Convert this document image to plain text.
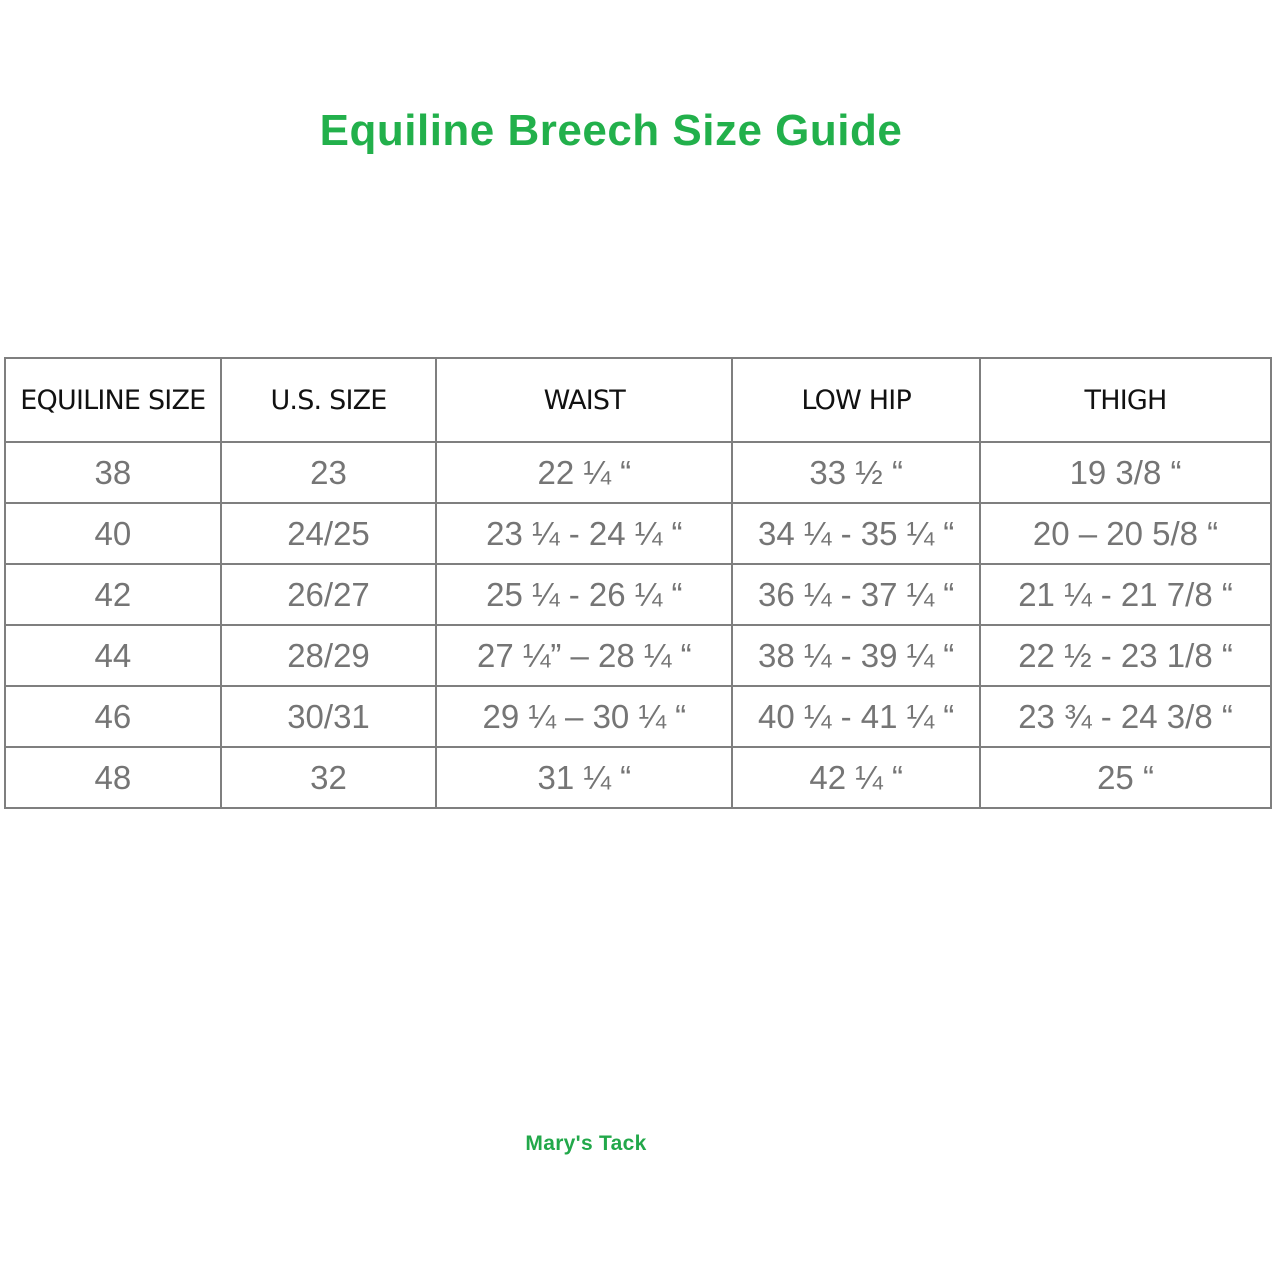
Equiline Breech Size Guide
EQUILINE SIZE	U.S. SIZE	WAIST	LOW HIP	THIGH
38	23	22 ¼ “	33 ½ “	19 3/8 “
40	24/25	23 ¼ - 24 ¼ “	34 ¼ - 35 ¼ “	20 – 20 5/8 “
42	26/27	25 ¼ - 26 ¼ “	36 ¼ - 37 ¼ “	21 ¼ - 21 7/8 “
44	28/29	27 ¼” – 28 ¼ “	38 ¼ - 39 ¼ “	22 ½ - 23 1/8 “
46	30/31	29 ¼ – 30 ¼ “	40 ¼ - 41 ¼ “	23 ¾ - 24 3/8 “
48	32	31 ¼ “	42 ¼ “	25 “
Mary's Tack
